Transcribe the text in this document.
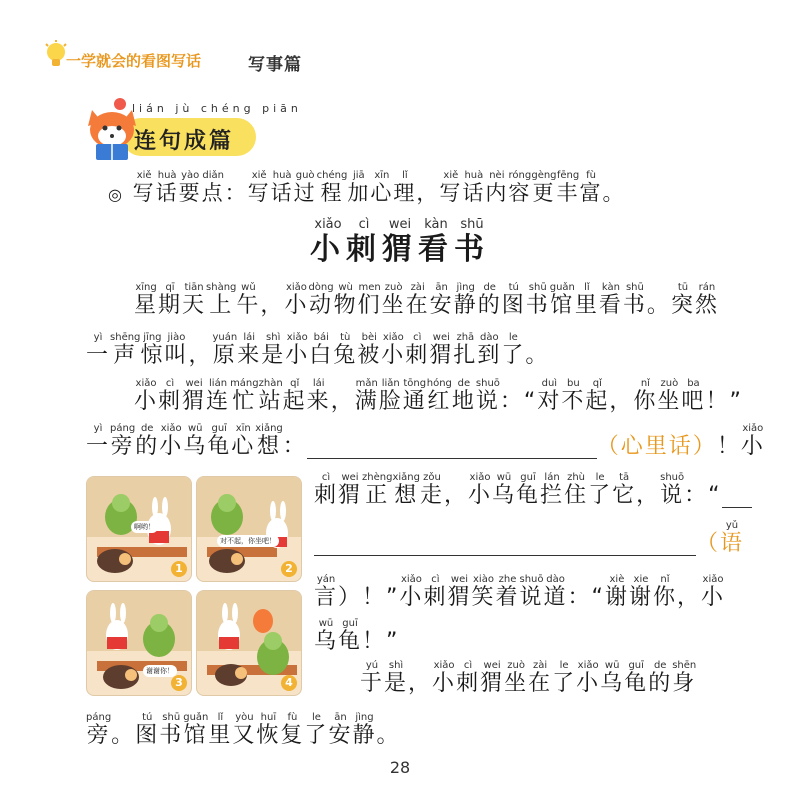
一学就会的看图写话	写事篇
lián jù chéng piān
连句成篇
◎ 写xiě话huà要yào点diǎn： 写xiě话huà过guò程chéng加jiā心xīn理lǐ， 写xiě话huà内nèi容róng更gèng丰fēng富fù。
小xiǎo刺cì猬wei看kàn书shū
星xīng期qī天tiān上shàng午wǔ， 小xiǎo动dòng物wù们men坐zuò在zài安ān静jìng的de图tú书shū馆guǎn里lǐ看kàn书shū。 突tū然rán
一yì声shēng惊jīng叫jiào， 原yuán来lái是shì小xiǎo白bái兔tù被bèi小xiǎo刺cì猬wei扎zhā到dào了le。
小xiǎo刺cì猬wei连lián忙máng站zhàn起qǐ来lái， 满mǎn脸liǎn通tōng红hóng地de说shuō：“ 对duì不bu起qǐ， 你nǐ坐zuò吧ba！”
一yì旁páng的de小xiǎo乌wū龟guī心xīn想xiǎng：	（心里话）！ 小xiǎo
刺cì猬wei正zhèng想xiǎng走zǒu， 小xiǎo乌wū龟guī拦lán住zhù了le它tā， 说shuō：“
（ 语yǔ
言yán）！” 小xiǎo刺cì猬wei笑xiào着zhe说shuō道dào：“ 谢xiè谢xie你nǐ， 小xiǎo
乌wū龟guī！”
于yú是shì， 小xiǎo刺cì猬wei坐zuò在zài了le小xiǎo乌wū龟guī的de身shēn
旁páng。 图tú书shū馆guǎn里lǐ又yòu恢huī复fù了le安ān静jìng。
啊哟！
1
对不起，你坐吧！
2
谢谢你！
3	4
28
